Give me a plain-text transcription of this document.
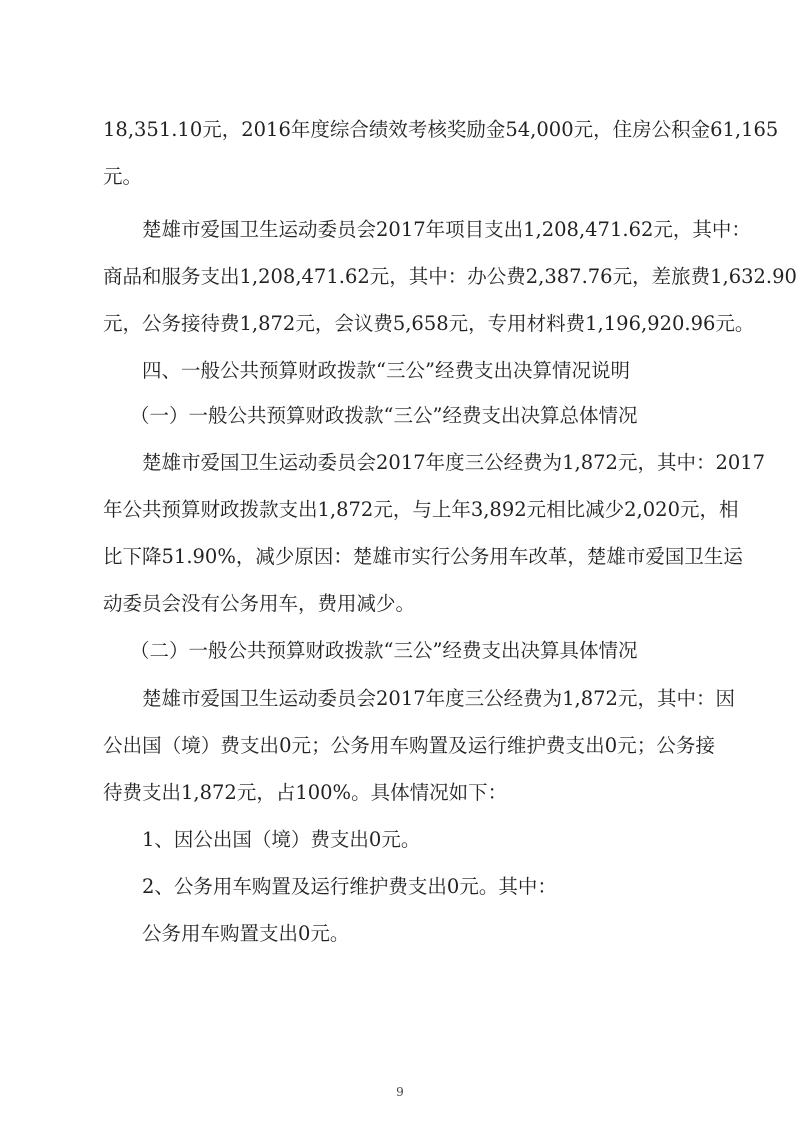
18,351.10元，2016年度综合绩效考核奖励金54,000元，住房公积金61,165
元。
楚雄市爱国卫生运动委员会2017年项目支出1,208,471.62元，其中：
商品和服务支出1,208,471.62元，其中：办公费2,387.76元，差旅费1,632.90
元，公务接待费1,872元，会议费5,658元，专用材料费1,196,920.96元。
四、一般公共预算财政拨款“三公”经费支出决算情况说明
（一）一般公共预算财政拨款“三公”经费支出决算总体情况
楚雄市爱国卫生运动委员会2017年度三公经费为1,872元，其中：2017
年公共预算财政拨款支出1,872元，与上年3,892元相比减少2,020元，相
比下降51.90%，减少原因：楚雄市实行公务用车改革，楚雄市爱国卫生运
动委员会没有公务用车，费用减少。
（二）一般公共预算财政拨款“三公”经费支出决算具体情况
楚雄市爱国卫生运动委员会2017年度三公经费为1,872元，其中：因
公出国（境）费支出0元；公务用车购置及运行维护费支出0元；公务接
待费支出1,872元，占100%。具体情况如下：
1、因公出国（境）费支出0元。
2、公务用车购置及运行维护费支出0元。其中：
公务用车购置支出0元。
9
